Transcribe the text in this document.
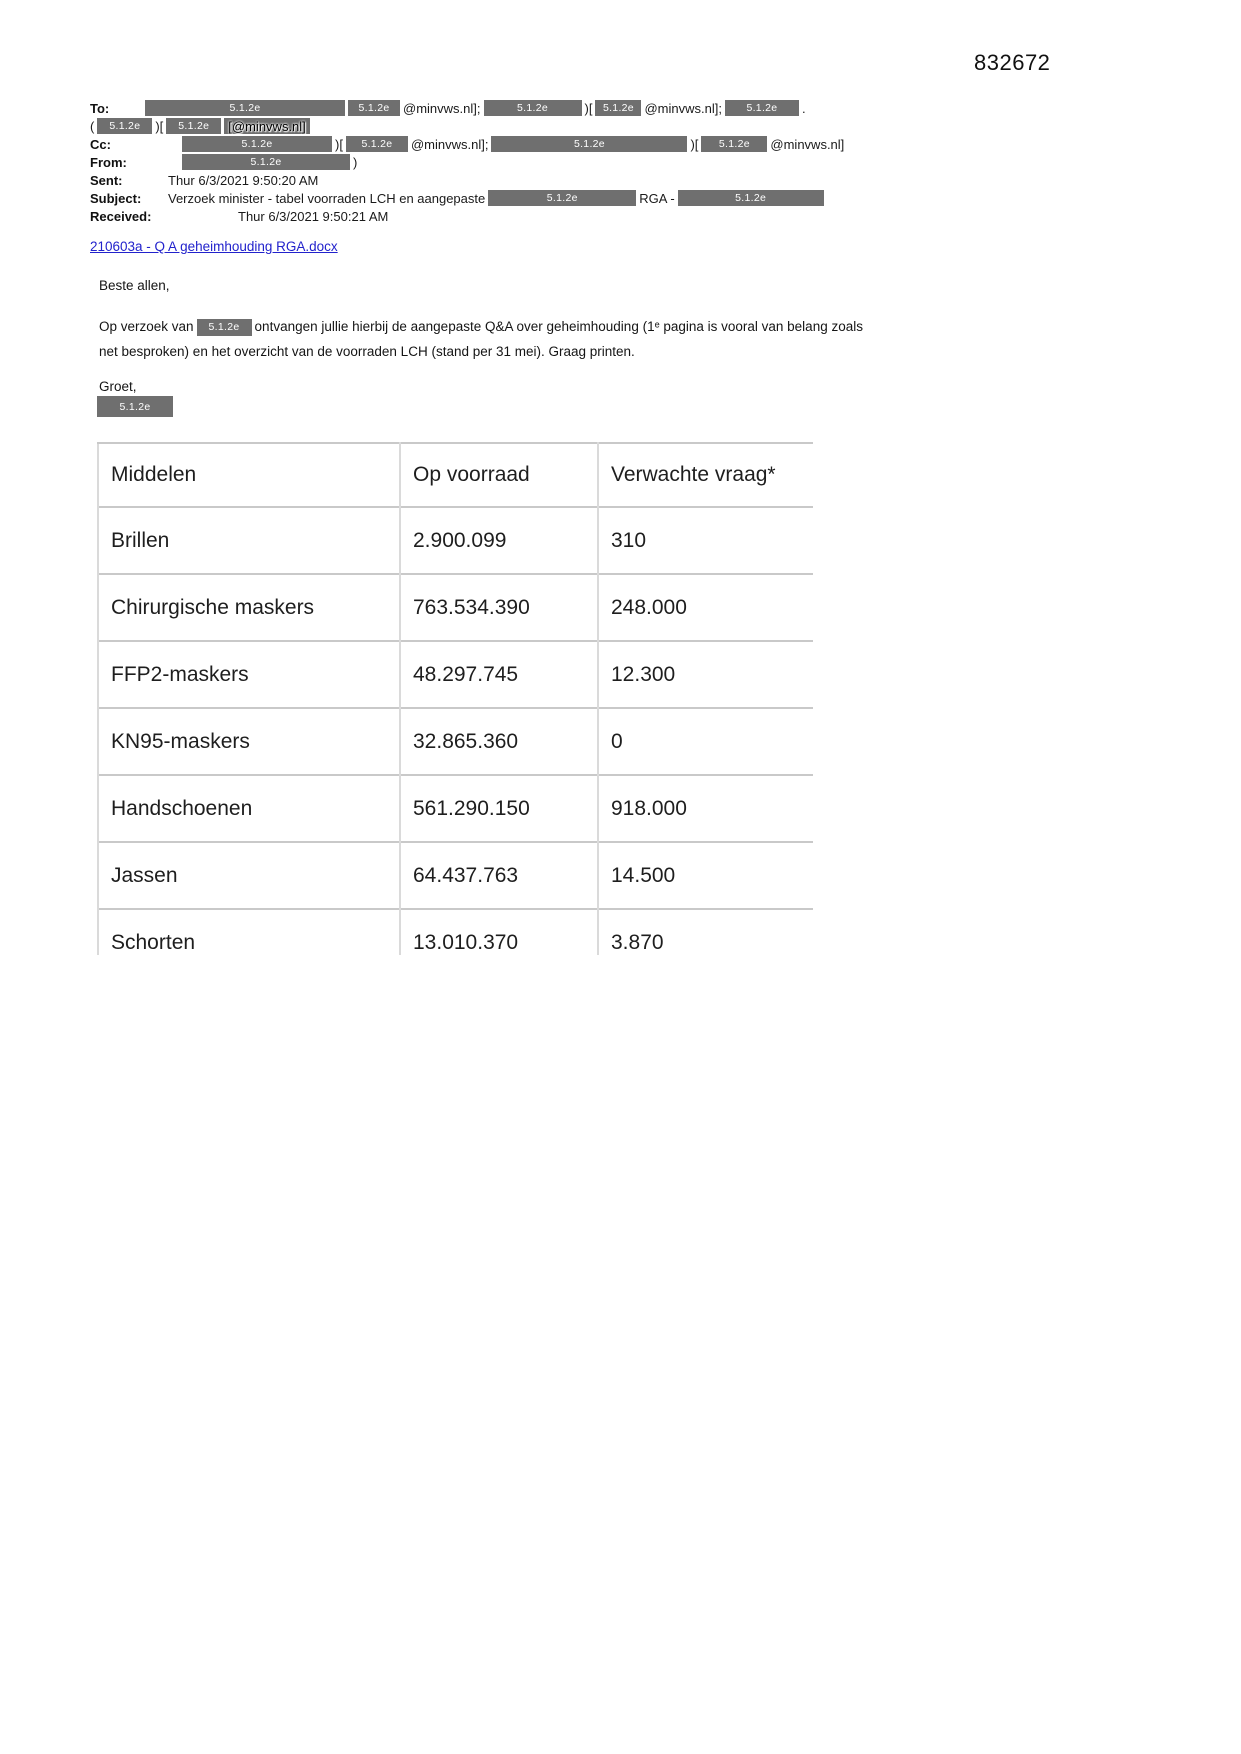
832672
To:	5.1.2e	5.1.2e	@minvws.nl];	5.1.2e	)[	5.1.2e @minvws.nl];	5.1.2e	.
(	5.1.2e	)[	5.1.2e	[@minvws.nl]
Cc:	5.1.2e	)[	5.1.2e	@minvws.nl];	5.1.2e	)[	5.1.2e	@minvws.nl]
From:	5.1.2e	)
Sent:	Thur 6/3/2021 9:50:20 AM
Subject:	Verzoek minister - tabel voorraden LCH en aangepaste	5.1.2e	RGA -	5.1.2e
Received:	Thur 6/3/2021 9:50:21 AM
210603a - Q A geheimhouding RGA.docx
Beste allen,
Op verzoek van	5.1.2e	ontvangen jullie hierbij de aangepaste Q&A over geheimhouding (1ᵉ pagina is vooral van belang zoals
net besproken) en het overzicht van de voorraden LCH (stand per 31 mei). Graag printen.
Groet,
5.1.2e
Middelen	Op voorraad	Verwachte vraag*
Brillen	2.900.099	310
Chirurgische maskers	763.534.390	248.000
FFP2-maskers	48.297.745	12.300
KN95-maskers	32.865.360	0
Handschoenen	561.290.150	918.000
Jassen	64.437.763	14.500
Schorten	13.010.370	3.870
